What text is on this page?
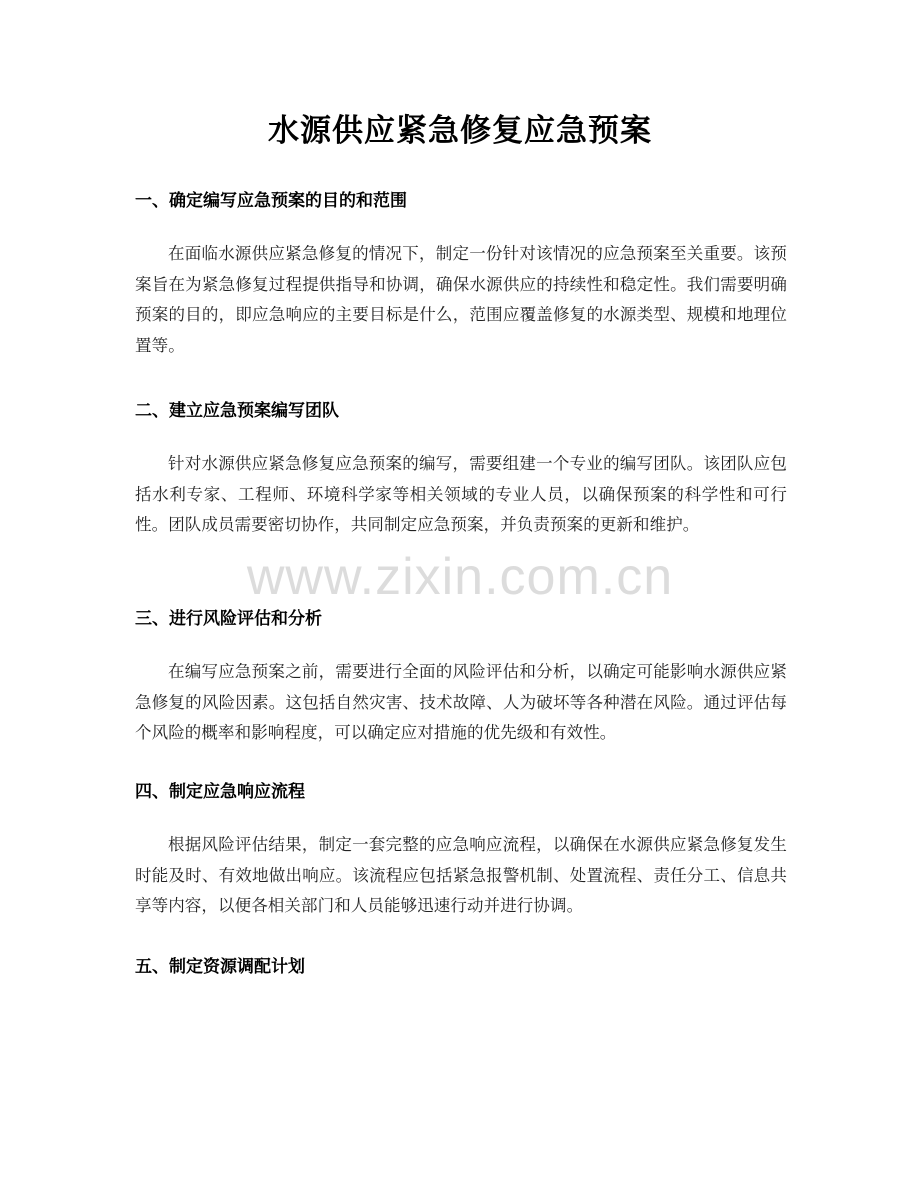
水源供应紧急修复应急预案
一、确定编写应急预案的目的和范围

在面临水源供应紧急修复的情况下，制定一份针对该情况的应急预案至关重要。该预案旨在为紧急修复过程提供指导和协调，确保水源供应的持续性和稳定性。我们需要明确预案的目的，即应急响应的主要目标是什么，范围应覆盖修复的水源类型、规模和地理位置等。

二、建立应急预案编写团队

针对水源供应紧急修复应急预案的编写，需要组建一个专业的编写团队。该团队应包括水利专家、工程师、环境科学家等相关领域的专业人员，以确保预案的科学性和可行性。团队成员需要密切协作，共同制定应急预案，并负责预案的更新和维护。

三、进行风险评估和分析

在编写应急预案之前，需要进行全面的风险评估和分析，以确定可能影响水源供应紧急修复的风险因素。这包括自然灾害、技术故障、人为破坏等各种潜在风险。通过评估每个风险的概率和影响程度，可以确定应对措施的优先级和有效性。

四、制定应急响应流程

根据风险评估结果，制定一套完整的应急响应流程，以确保在水源供应紧急修复发生时能及时、有效地做出响应。该流程应包括紧急报警机制、处置流程、责任分工、信息共享等内容，以便各相关部门和人员能够迅速行动并进行协调。

五、制定资源调配计划
www.zixin.com.cn
